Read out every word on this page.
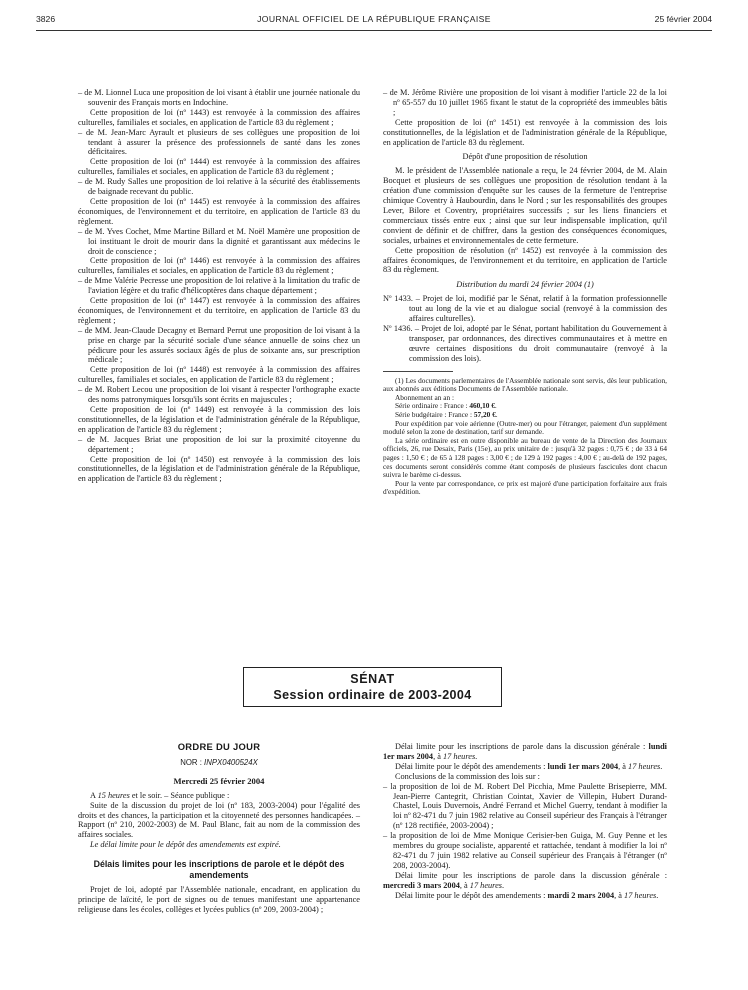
3826	JOURNAL OFFICIEL DE LA RÉPUBLIQUE FRANÇAISE	25 février 2004

– de M. Lionnel Luca une proposition de loi visant à établir une journée nationale du souvenir des Français morts en Indochine.

Cette proposition de loi (nº 1443) est renvoyée à la commission des affaires culturelles, familiales et sociales, en application de l'article 83 du règlement ;

– de M. Jean-Marc Ayrault et plusieurs de ses collègues une proposition de loi tendant à assurer la présence des professionnels de santé dans les zones déficitaires.

Cette proposition de loi (nº 1444) est renvoyée à la commission des affaires culturelles, familiales et sociales, en application de l'article 83 du règlement ;

– de M. Rudy Salles une proposition de loi relative à la sécurité des établissements de baignade recevant du public.

Cette proposition de loi (nº 1445) est renvoyée à la commission des affaires économiques, de l'environnement et du territoire, en application de l'article 83 du règlement.

– de M. Yves Cochet, Mme Martine Billard et M. Noël Mamère une proposition de loi instituant le droit de mourir dans la dignité et garantissant aux médecins le droit de conscience ;

Cette proposition de loi (nº 1446) est renvoyée à la commission des affaires culturelles, familiales et sociales, en application de l'article 83 du règlement ;

– de Mme Valérie Pecresse une proposition de loi relative à la limitation du trafic de l'aviation légère et du trafic d'hélicoptères dans chaque département ;

Cette proposition de loi (nº 1447) est renvoyée à la commission des affaires économiques, de l'environnement et du territoire, en application de l'article 83 du règlement ;

– de MM. Jean-Claude Decagny et Bernard Perrut une proposition de loi visant à la prise en charge par la sécurité sociale d'une séance annuelle de soins chez un pédicure pour les assurés sociaux âgés de plus de soixante ans, sur prescription médicale ;

Cette proposition de loi (nº 1448) est renvoyée à la commission des affaires culturelles, familiales et sociales, en application de l'article 83 du règlement ;

– de M. Robert Lecou une proposition de loi visant à respecter l'orthographe exacte des noms patronymiques lorsqu'ils sont écrits en majuscules ;

Cette proposition de loi (nº 1449) est renvoyée à la commission des lois constitutionnelles, de la législation et de l'administration générale de la République, en application de l'article 83 du règlement ;

– de M. Jacques Briat une proposition de loi sur la proximité citoyenne du département ;

Cette proposition de loi (nº 1450) est renvoyée à la commission des lois constitutionnelles, de la législation et de l'administration générale de la République, en application de l'article 83 du règlement ;

– de M. Jérôme Rivière une proposition de loi visant à modifier l'article 22 de la loi nº 65-557 du 10 juillet 1965 fixant le statut de la copropriété des immeubles bâtis ;

Cette proposition de loi (nº 1451) est renvoyée à la commission des lois constitutionnelles, de la législation et de l'administration générale de la République, en application de l'article 83 du règlement.

Dépôt d'une proposition de résolution

M. le président de l'Assemblée nationale a reçu, le 24 février 2004, de M. Alain Bocquet et plusieurs de ses collègues une proposition de résolution tendant à la création d'une commission d'enquête sur les causes de la fermeture de l'entreprise chimique Coventry à Haubourdin, dans le Nord ; sur les responsabilités des groupes Lever, Bilore et Coventry, propriétaires successifs ; sur les liens financiers et commerciaux tissés entre eux ; ainsi que sur leur indispensable implication, qu'il convient de définir et de chiffrer, dans la gestion des conséquences économiques, sociales, urbaines et environnementales de cette fermeture.

Cette proposition de résolution (nº 1452) est renvoyée à la commission des affaires économiques, de l'environnement et du territoire, en application de l'article 83 du règlement.

Distribution du mardi 24 février 2004 (1)

Nº 1433. – Projet de loi, modifié par le Sénat, relatif à la formation professionnelle tout au long de la vie et au dialogue social (renvoyé à la commission des affaires culturelles).

Nº 1436. – Projet de loi, adopté par le Sénat, portant habilitation du Gouvernement à transposer, par ordonnances, des directives communautaires et à mettre en œuvre certaines dispositions du droit communautaire (renvoyé à la commission des lois).

(1) Les documents parlementaires de l'Assemblée nationale sont servis, dès leur publication, aux abonnés aux éditions Documents de l'Assemblée nationale.

Abonnement an an :

Série ordinaire : France : 460,10 €.

Série budgétaire : France : 57,20 €.

Pour expédition par voie aérienne (Outre-mer) ou pour l'étranger, paiement d'un supplément modulé selon la zone de destination, tarif sur demande.

La série ordinaire est en outre disponible au bureau de vente de la Direction des Journaux officiels, 26, rue Desaix, Paris (15e), au prix unitaire de : jusqu'à 32 pages : 0,75 € ; de 33 à 64 pages : 1,50 € ; de 65 à 128 pages : 3,00 € ; de 129 à 192 pages : 4,00 € ; au-delà de 192 pages, ces documents seront considérés comme étant composés de plusieurs fascicules dont chacun suivra le barème ci-dessus.

Pour la vente par correspondance, ce prix est majoré d'une participation forfaitaire aux frais d'expédition.

SÉNAT
Session ordinaire de 2003-2004

ORDRE DU JOUR

NOR : INPX0400524X

Mercredi 25 février 2004

A 15 heures et le soir. – Séance publique :

Suite de la discussion du projet de loi (nº 183, 2003-2004) pour l'égalité des droits et des chances, la participation et la citoyenneté des personnes handicapées. – Rapport (nº 210, 2002-2003) de M. Paul Blanc, fait au nom de la commission des affaires sociales.

Le délai limite pour le dépôt des amendements est expiré.

Délais limites pour les inscriptions de parole et le dépôt des amendements

Projet de loi, adopté par l'Assemblée nationale, encadrant, en application du principe de laïcité, le port de signes ou de tenues manifestant une appartenance religieuse dans les écoles, collèges et lycées publics (nº 209, 2003-2004) ;

Délai limite pour les inscriptions de parole dans la discussion générale : lundi 1er mars 2004, à 17 heures.

Délai limite pour le dépôt des amendements : lundi 1er mars 2004, à 17 heures.

Conclusions de la commission des lois sur :

– la proposition de loi de M. Robert Del Picchia, Mme Paulette Brisepierre, MM. Jean-Pierre Cantegrit, Christian Cointat, Xavier de Villepin, Hubert Durand-Chastel, Louis Duvernois, André Ferrand et Michel Guerry, tendant à modifier la loi nº 82-471 du 7 juin 1982 relative au Conseil supérieur des Français à l'étranger (nº 128 rectifiée, 2003-2004) ;

– la proposition de loi de Mme Monique Cerisier-ben Guiga, M. Guy Penne et les membres du groupe socialiste, apparenté et rattachée, tendant à modifier la loi nº 82-471 du 7 juin 1982 relative au Conseil supérieur des Français à l'étranger (nº 208, 2003-2004).

Délai limite pour les inscriptions de parole dans la discussion générale : mercredi 3 mars 2004, à 17 heures.

Délai limite pour le dépôt des amendements : mardi 2 mars 2004, à 17 heures.
